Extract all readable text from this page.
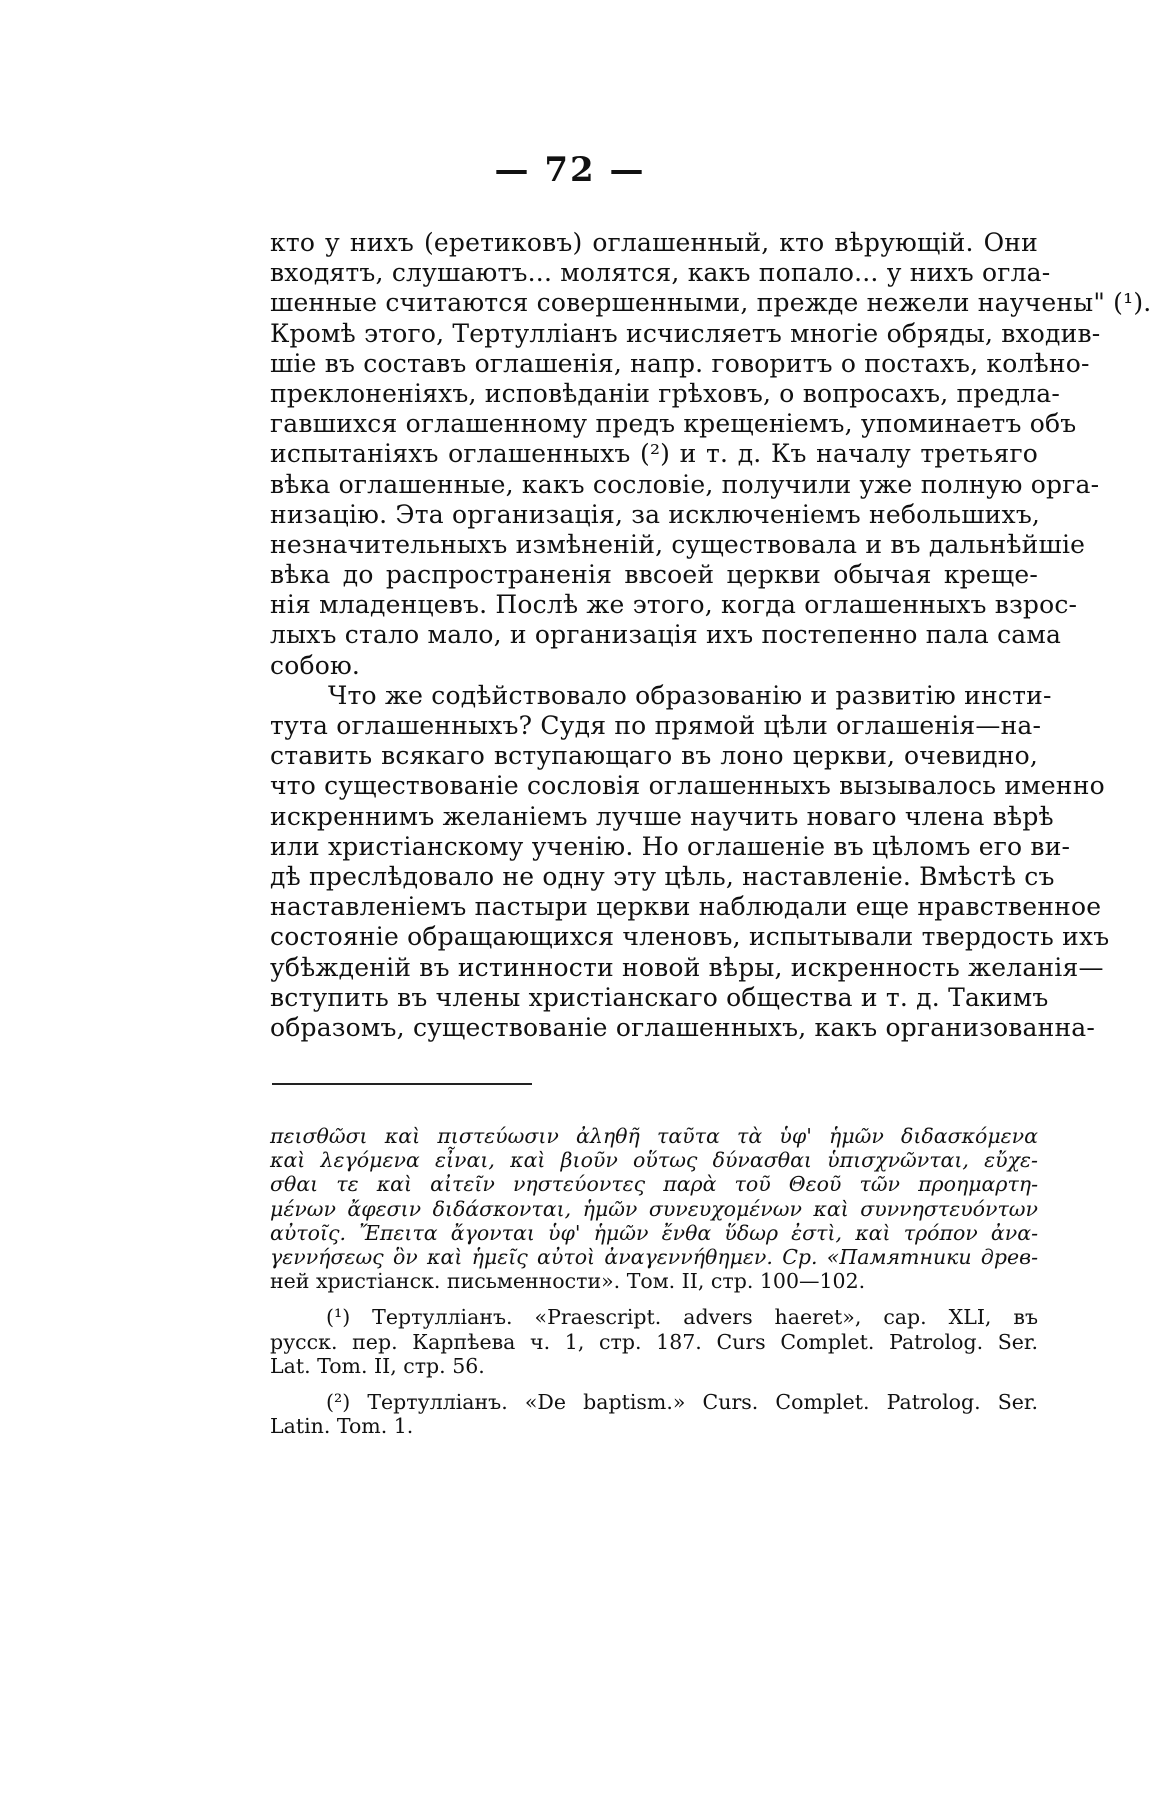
— 72 —
кто у нихъ (еретиковъ) оглашенный, кто вѣрующій. Они
входятъ, слушаютъ... молятся, какъ попало... у нихъ огла-
шенные считаются совершенными, прежде нежели научены" (¹).
Кромѣ этого, Тертулліанъ исчисляетъ многіе обряды, входив-
шіе въ составъ оглашенія, напр. говоритъ о постахъ, колѣно-
преклоненіяхъ, исповѣданіи грѣховъ, о вопросахъ, предла-
гавшихся оглашенному предъ крещеніемъ, упоминаетъ объ
испытаніяхъ оглашенныхъ (²) и т. д. Къ началу третьяго
вѣка оглашенные, какъ сословіе, получили уже полную орга-
низацію. Эта организація, за исключеніемъ небольшихъ,
незначительныхъ измѣненій, существовала и въ дальнѣйшіе
вѣка до распространенія ввсоей церкви обычая креще-
нія младенцевъ. Послѣ же этого, когда оглашенныхъ взрос-
лыхъ стало мало, и организація ихъ постепенно пала сама
собою.
Что же содѣйствовало образованію и развитію инсти-
тута оглашенныхъ? Судя по прямой цѣли оглашенія—на-
ставить всякаго вступающаго въ лоно церкви, очевидно,
что существованіе сословія оглашенныхъ вызывалось именно
искреннимъ желаніемъ лучше научить новаго члена вѣрѣ
или христіанскому ученію. Но оглашеніе въ цѣломъ его ви-
дѣ преслѣдовало не одну эту цѣль, наставленіе. Вмѣстѣ съ
наставленіемъ пастыри церкви наблюдали еще нравственное
состояніе обращающихся членовъ, испытывали твердость ихъ
убѣжденій въ истинности новой вѣры, искренность желанія—
вступить въ члены христіанскаго общества и т. д. Такимъ
образомъ, существованіе оглашенныхъ, какъ организованна-
πεισθῶσι καὶ πιστεύωσιν ἀληθῆ ταῦτα τὰ ὑφ' ἡμῶν διδασκόμενα
καὶ λεγόμενα εἶναι, καὶ βιοῦν οὕτως δύνασθαι ὑπισχνῶνται, εὔχε-
σθαι τε καὶ αἰτεῖν νηστεύοντες παρὰ τοῦ Θεοῦ τῶν προημαρτη-
μένων ἄφεσιν διδάσκονται, ἡμῶν συνευχομένων καὶ συννηστευόντων
αὐτοῖς. Ἔπειτα ἄγονται ὑφ' ἡμῶν ἔνθα ὕδωρ ἐστὶ, καὶ τρόπον ἀνα-
γεννήσεως ὃν καὶ ἡμεῖς αὐτοὶ ἀναγεννήθημεν. Ср. «Памятники древ-
ней христіанск. письменности». Том. II, стр. 100—102.
(¹) Тертулліанъ. «Praescript. advers haeret», cap. XLI, въ
русск. пер. Карпѣева ч. 1, стр. 187. Curs Complet. Patrolog. Ser.
Lat. Tom. II, стр. 56.
(²) Тертулліанъ. «De baptism.» Curs. Complet. Patrolog. Ser.
Latin. Tom. 1.
